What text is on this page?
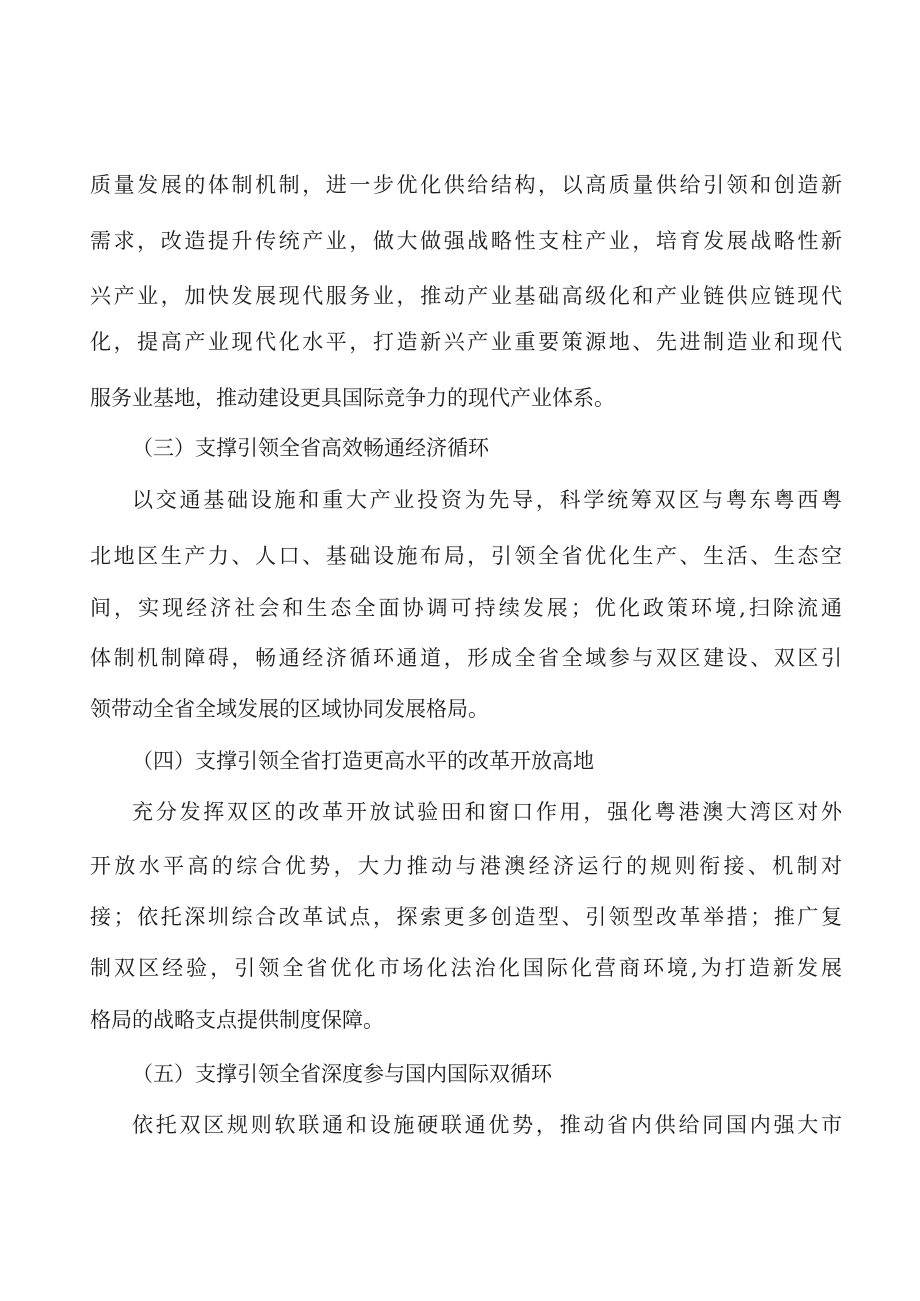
质量发展的体制机制，进一步优化供给结构，以高质量供给引领和创造新
需求，改造提升传统产业，做大做强战略性支柱产业，培育发展战略性新
兴产业，加快发展现代服务业，推动产业基础高级化和产业链供应链现代
化，提高产业现代化水平，打造新兴产业重要策源地、先进制造业和现代
服务业基地，推动建设更具国际竞争力的现代产业体系。
（三）支撑引领全省高效畅通经济循环
以交通基础设施和重大产业投资为先导，科学统筹双区与粤东粤西粤
北地区生产力、人口、基础设施布局，引领全省优化生产、生活、生态空
间，实现经济社会和生态全面协调可持续发展；优化政策环境,扫除流通
体制机制障碍，畅通经济循环通道，形成全省全域参与双区建设、双区引
领带动全省全域发展的区域协同发展格局。
（四）支撑引领全省打造更高水平的改革开放高地
充分发挥双区的改革开放试验田和窗口作用，强化粤港澳大湾区对外
开放水平高的综合优势，大力推动与港澳经济运行的规则衔接、机制对
接；依托深圳综合改革试点，探索更多创造型、引领型改革举措；推广复
制双区经验，引领全省优化市场化法治化国际化营商环境,为打造新发展
格局的战略支点提供制度保障。
（五）支撑引领全省深度参与国内国际双循环
依托双区规则软联通和设施硬联通优势，推动省内供给同国内强大市
